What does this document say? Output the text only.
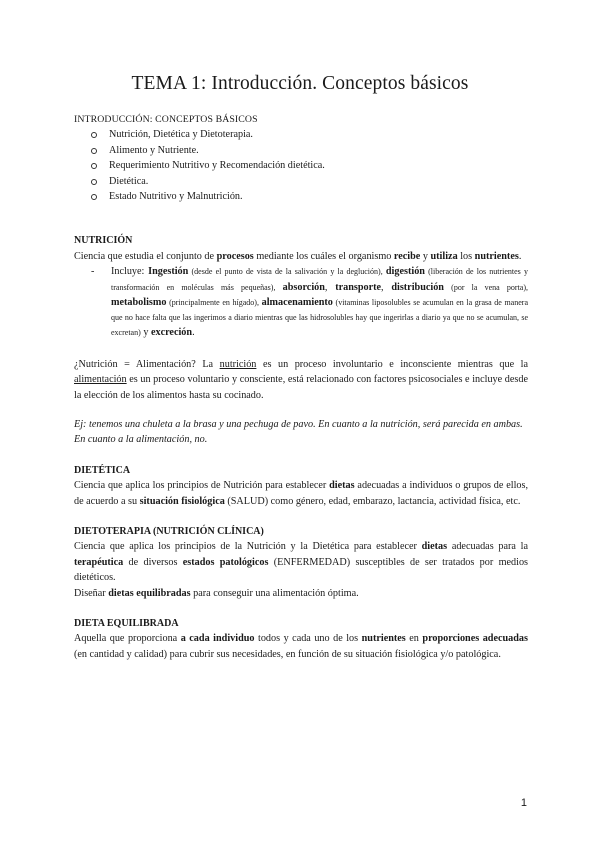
TEMA 1: Introducción. Conceptos básicos

INTRODUCCIÓN: CONCEPTOS BÁSICOS

Nutrición, Dietética y Dietoterapia.
Alimento y Nutriente.
Requerimiento Nutritivo y Recomendación dietética.
Dietética.
Estado Nutritivo y Malnutrición.

NUTRICIÓN

Ciencia que estudia el conjunto de procesos mediante los cuáles el organismo recibe y utiliza los nutrientes.

- Incluye: Ingestión (desde el punto de vista de la salivación y la deglución), digestión (liberación de los nutrientes y transformación en moléculas más pequeñas), absorción, transporte, distribución (por la vena porta), metabolismo (principalmente en hígado), almacenamiento (vitaminas liposolubles se acumulan en la grasa de manera que no hace falta que las ingerimos a diario mientras que las hidrosolubles hay que ingerirlas a diario ya que no se acumulan, se excretan) y excreción.

¿Nutrición = Alimentación? La nutrición es un proceso involuntario e inconsciente mientras que la alimentación es un proceso voluntario y consciente, está relacionado con factores psicosociales e incluye desde la elección de los alimentos hasta su cocinado.

Ej: tenemos una chuleta a la brasa y una pechuga de pavo. En cuanto a la nutrición, será parecida en ambas. En cuanto a la alimentación, no.

DIETÉTICA

Ciencia que aplica los principios de Nutrición para establecer dietas adecuadas a individuos o grupos de ellos, de acuerdo a su situación fisiológica (SALUD) como género, edad, embarazo, lactancia, actividad física, etc.

DIETOTERAPIA (NUTRICIÓN CLÍNICA)

Ciencia que aplica los principios de la Nutrición y la Dietética para establecer dietas adecuadas para la terapéutica de diversos estados patológicos (ENFERMEDAD) susceptibles de ser tratados por medios dietéticos.

Diseñar dietas equilibradas para conseguir una alimentación óptima.

DIETA EQUILIBRADA

Aquella que proporciona a cada individuo todos y cada uno de los nutrientes en proporciones adecuadas (en cantidad y calidad) para cubrir sus necesidades, en función de su situación fisiológica y/o patológica.

1
